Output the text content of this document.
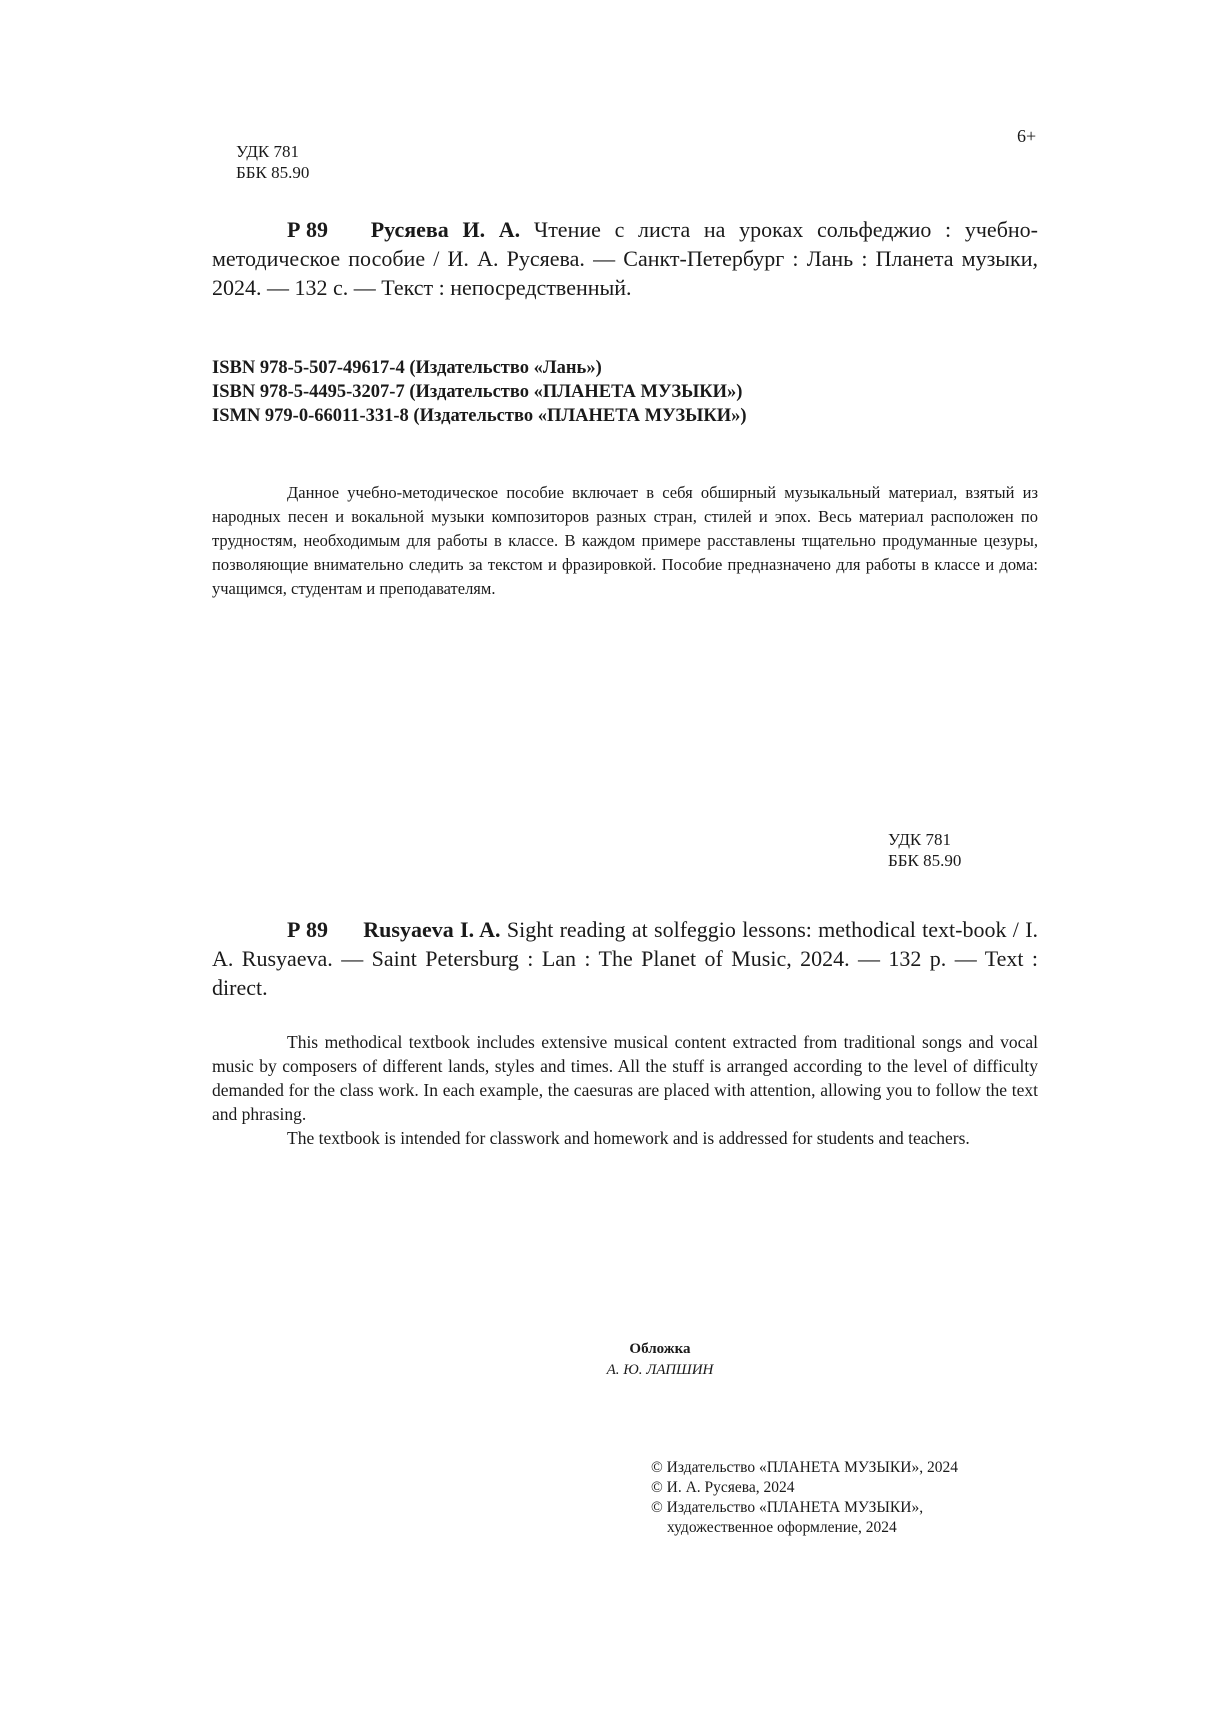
6+
УДК 781
ББК 85.90
Р 89 Русяева И. А. Чтение с листа на уроках сольфеджио : учебно-методическое пособие / И. А. Русяева. — Санкт-Петербург : Лань : Планета музыки, 2024. — 132 с. — Текст : непосредственный.
ISBN 978-5-507-49617-4 (Издательство «Лань»)
ISBN 978-5-4495-3207-7 (Издательство «ПЛАНЕТА МУЗЫКИ»)
ISMN 979-0-66011-331-8 (Издательство «ПЛАНЕТА МУЗЫКИ»)

Данное учебно-методическое пособие включает в себя обширный музыкальный материал, взятый из народных песен и вокальной музыки композиторов разных стран, стилей и эпох. Весь материал расположен по трудностям, необходимым для работы в классе. В каждом примере расставлены тщательно продуманные цезуры, позволяющие внимательно следить за текстом и фразировкой. Пособие предназначено для работы в классе и дома: учащимся, студентам и преподавателям.

УДК 781
ББК 85.90
Р 89 Rusyaeva I. A. Sight reading at solfeggio lessons: methodical text-book / I. A. Rusyaeva. — Saint Petersburg : Lan : The Planet of Music, 2024. — 132 p. — Text : direct.

This methodical textbook includes extensive musical content extracted from traditional songs and vocal music by composers of different lands, styles and times. All the stuff is arranged according to the level of difficulty demanded for the class work. In each example, the caesuras are placed with attention, allowing you to follow the text and phrasing.

The textbook is intended for classwork and homework and is addressed for students and teachers.

Обложка
А. Ю. ЛАПШИН
© Издательство «ПЛАНЕТА МУЗЫКИ», 2024
© И. А. Русяева, 2024
© Издательство «ПЛАНЕТА МУЗЫКИ»,
художественное оформление, 2024
